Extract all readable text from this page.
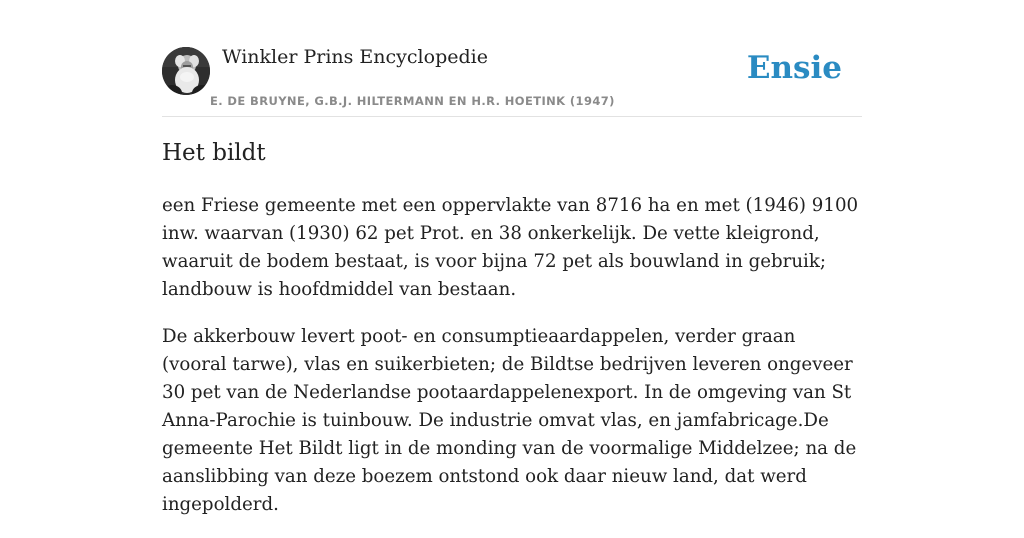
Winkler Prins Encyclopedie
E. DE BRUYNE, G.B.J. HILTERMANN EN H.R. HOETINK (1947)
Ensie
Het bildt

een Friese gemeente met een oppervlakte van 8716 ha en met (1946) 9100 inw. waarvan (1930) 62 pet Prot. en 38 onkerkelijk. De vette kleigrond, waaruit de bodem bestaat, is voor bijna 72 pet als bouwland in gebruik; landbouw is hoofdmiddel van bestaan.

De akkerbouw levert poot- en consumptieaardappelen, verder graan (vooral tarwe), vlas en suikerbieten; de Bildtse bedrijven leveren ongeveer 30 pet van de Nederlandse pootaardappelenexport. In de omgeving van St Anna-Parochie is tuinbouw. De industrie omvat vlas, en jamfabricage.De gemeente Het Bildt ligt in de monding van de voormalige Middelzee; na de aanslibbing van deze boezem ontstond ook daar nieuw land, dat werd ingepolderd.
